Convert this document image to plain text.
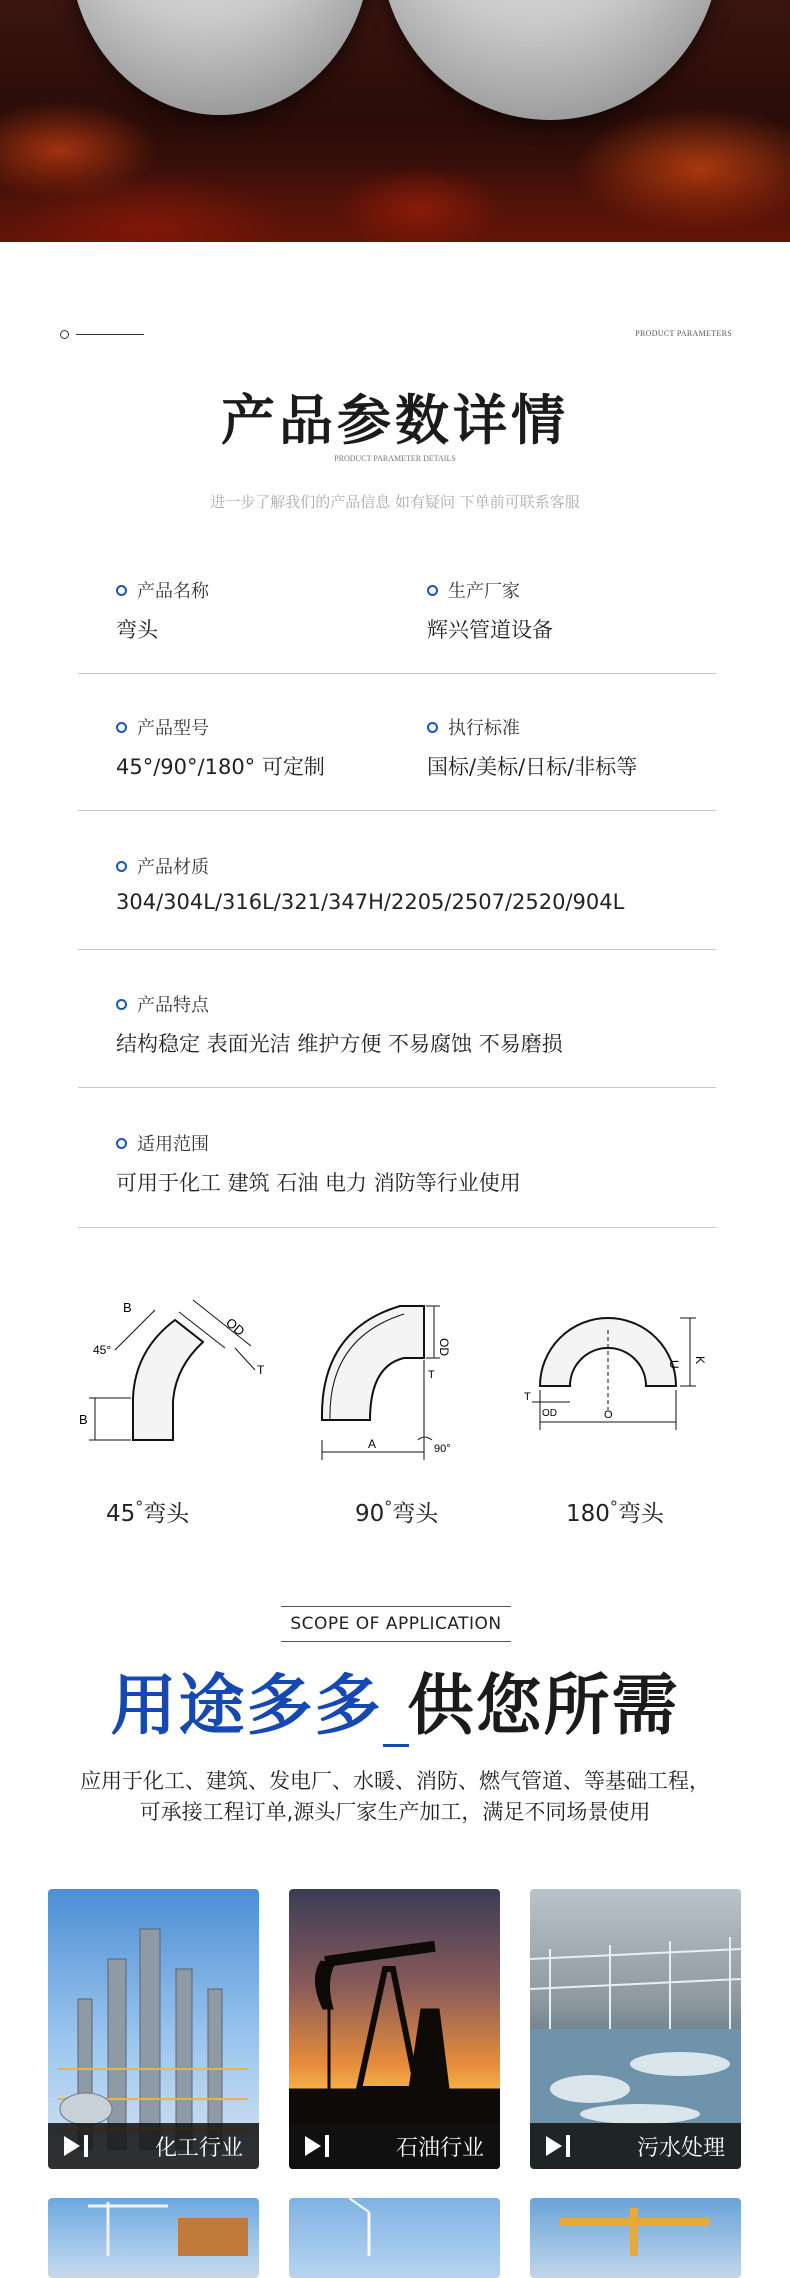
PRODUCT PARAMETERS
产品参数详情
PRODUCT PARAMETER DETAILS
进一步了解我们的产品信息 如有疑问 下单前可联系客服
产品名称
弯头
生产厂家
辉兴管道设备
产品型号
45°/90°/180° 可定制
执行标准
国标/美标/日标/非标等
产品材质
304/304L/316L/321/347H/2205/2507/2520/904L
产品特点
结构稳定 表面光洁 维护方便 不易腐蚀 不易磨损
适用范围
可用于化工 建筑 石油 电力 消防等行业使用
B
OD
T
45°
B
45°弯头
OD
T
A	90°
90°弯头
U K
T
OD	O
180°弯头
SCOPE OF APPLICATION
用途多多 供您所需
应用于化工、建筑、发电厂、水暖、消防、燃气管道、等基础工程，
可承接工程订单,源头厂家生产加工，满足不同场景使用
化工行业	石油行业	污水处理
